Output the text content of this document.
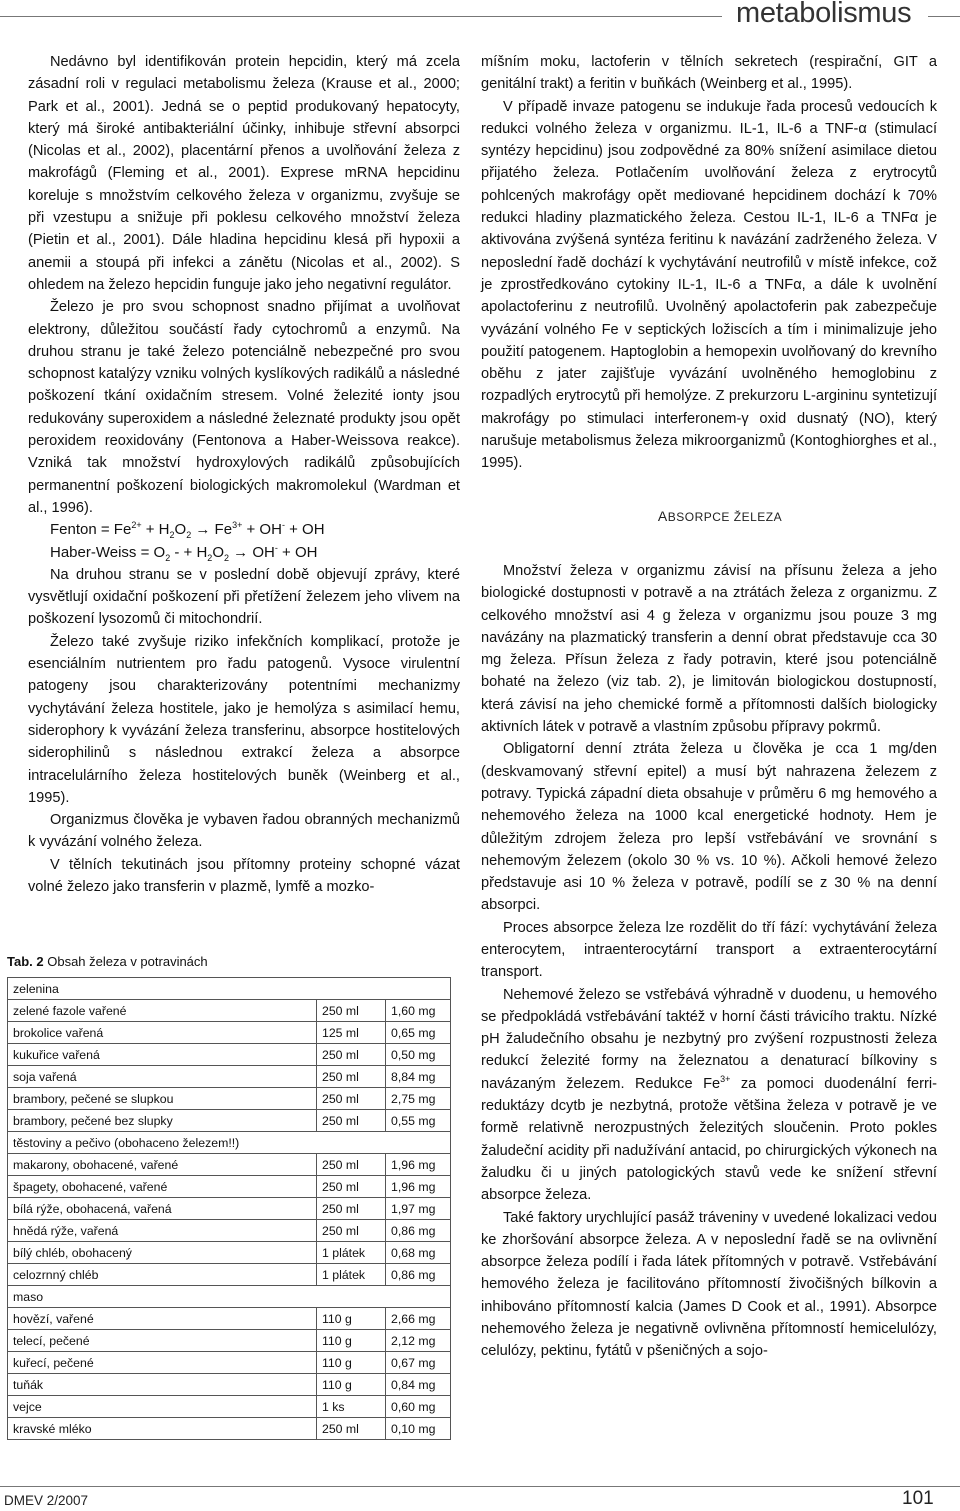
metabolismus

Nedávno byl identifikován protein hepcidin, který má zcela zásadní roli v regulaci metabolismu železa (Krause et al., 2000; Park et al., 2001). Jedná se o peptid produkovaný hepatocyty, který má široké antibakteriální účinky, inhibuje střevní absorpci (Nicolas et al., 2002), placentární přenos a uvolňování železa z makrofágů (Fleming et al., 2001). Exprese mRNA hepcidinu koreluje s množstvím celkového železa v organizmu, zvyšuje se při vzestupu a snižuje při poklesu celkového množství železa (Pietin et al., 2001). Dále hladina hepcidinu klesá při hypoxii a anemii a stoupá při infekci a zánětu (Nicolas et al., 2002). S ohledem na železo hepcidin funguje jako jeho negativní regulátor.

Železo je pro svou schopnost snadno přijímat a uvolňovat elektrony, důležitou součástí řady cytochromů a enzymů. Na druhou stranu je také železo potenciálně nebezpečné pro svou schopnost katalýzy vzniku volných kyslíkových radikálů a následné poškození tkání oxidačním stresem. Volné železité ionty jsou redukovány superoxidem a následné železnaté produkty jsou opět peroxidem reoxidovány (Fentonova a Haber-Weissova reakce). Vzniká tak množství hydroxylových radikálů způsobujících permanentní poškození biologických makromolekul (Wardman et al., 1996).

Fenton = $Fe^{2+} + H_2O_2 \to Fe^{3+} + OH^-$ + OH

Haber-Weiss = $O_2$ - + $H_2O_2 \to OH^-$ + OH

Na druhou stranu se v poslední době objevují zprávy, které vysvětlují oxidační poškození při přetížení železem jeho vlivem na poškození lysozomů či mitochondrií.

Železo také zvyšuje riziko infekčních komplikací, protože je esenciálním nutrientem pro řadu patogenů. Vysoce virulentní patogeny jsou charakterizovány potentními mechanizmy vychytávání železa hostitele, jako je hemolýza s asimilací hemu, siderophory k vyvázání železa transferinu, absorpce hostitelových siderophilinů s následnou extrakcí železa a absorpce intracelulárního železa hostitelových buněk (Weinberg et al., 1995).

Organizmus člověka je vybaven řadou obranných mechanizmů k vyvázání volného železa.

V tělních tekutinách jsou přítomny proteiny schopné vázat volné železo jako transferin v plazmě, lymfě a mozko-

Tab. 2 Obsah železa v potravinách
zelenina		
zelené fazole vařené	250 ml	1,60 mg
brokolice vařená	125 ml	0,65 mg
kukuřice vařená	250 ml	0,50 mg
soja vařená	250 ml	8,84 mg
brambory, pečené se slupkou	250 ml	2,75 mg
brambory, pečené bez slupky	250 ml	0,55 mg
těstoviny a pečivo (obohaceno železem!!)		
makarony, obohacené, vařené	250 ml	1,96 mg
špagety, obohacené, vařené	250 ml	1,96 mg
bílá rýže, obohacená, vařená	250 ml	1,97 mg
hnědá rýže, vařená	250 ml	0,86 mg
bílý chléb, obohacený	1 plátek	0,68 mg
celozrnný chléb	1 plátek	0,86 mg
maso		
hovězí, vařené	110 g	2,66 mg
telecí, pečené	110 g	2,12 mg
kuřecí, pečené	110 g	0,67 mg
tuňák	110 g	0,84 mg
vejce	1 ks	0,60 mg
kravské mléko	250 ml	0,10 mg

míšním moku, lactoferin v tělních sekretech (respirační, GIT a genitální trakt) a feritin v buňkách (Weinberg et al., 1995).

V případě invaze patogenu se indukuje řada procesů vedoucích k redukci volného železa v organizmu. IL-1, IL-6 a TNF-α (stimulací syntézy hepcidinu) jsou zodpovědné za 80% snížení asimilace dietou přijatého železa. Potlačením uvolňování železa z erytrocytů pohlcených makrofágy opět mediované hepcidinem dochází k 70% redukci hladiny plazmatického železa. Cestou IL-1, IL-6 a TNFα je aktivována zvýšená syntéza feritinu k navázání zadrženého železa. V neposlední řadě dochází k vychytávání neutrofilů v místě infekce, což je zprostředkováno cytokiny IL-1, IL-6 a TNFα, a dále k uvolnění apolactoferinu z neutrofilů. Uvolněný apolactoferin pak zabezpečuje vyvázání volného Fe v septických ložiscích a tím i minimalizuje jeho použití patogenem. Haptoglobin a hemopexin uvolňovaný do krevního oběhu z jater zajišťuje vyvázání uvolněného hemoglobinu z rozpadlých erytrocytů při hemolýze. Z prekurzoru L-argininu syntetizují makrofágy po stimulaci interferonem-γ oxid dusnatý (NO), který narušuje metabolismus železa mikroorganizmů (Kontoghiorghes et al., 1995).

ABSORPCE ŽELEZA

Množství železa v organizmu závisí na přísunu železa a jeho biologické dostupnosti v potravě a na ztrátách železa z organizmu. Z celkového množství asi 4 g železa v organizmu jsou pouze 3 mg navázány na plazmatický transferin a denní obrat představuje cca 30 mg železa. Přísun železa z řady potravin, které jsou potenciálně bohaté na železo (viz tab. 2), je limitován biologickou dostupností, která závisí na jeho chemické formě a přítomnosti dalších biologicky aktivních látek v potravě a vlastním způsobu přípravy pokrmů.

Obligatorní denní ztráta železa u člověka je cca 1 mg/den (deskvamovaný střevní epitel) a musí být nahrazena železem z potravy. Typická západní dieta obsahuje v průměru 6 mg hemového a nehemového železa na 1000 kcal energetické hodnoty. Hem je důležitým zdrojem železa pro lepší vstřebávání ve srovnání s nehemovým železem (okolo 30 % vs. 10 %). Ačkoli hemové železo představuje asi 10 % železa v potravě, podílí se z 30 % na denní absorpci.

Proces absorpce železa lze rozdělit do tří fází: vychytávání železa enterocytem, intraenterocytární transport a extraenterocytární transport.

Nehemové železo se vstřebává výhradně v duodenu, u hemového se předpokládá vstřebávání taktéž v horní části trávicího traktu. Nízké pH žaludečního obsahu je nezbytný pro zvýšení rozpustnosti železa redukcí železité formy na železnatou a denaturací bílkoviny s navázaným železem. Redukce $Fe^{3+}$ za pomoci duodenální ferri-reduktázy dcytb je nezbytná, protože většina železa v potravě je ve formě relativně nerozpustných železitých sloučenin. Proto pokles žaludeční acidity při nadužívání antacid, po chirurgických výkonech na žaludku či u jiných patologických stavů vede ke snížení střevní absorpce železa.

Také faktory urychlující pasáž tráveniny v uvedené lokalizaci vedou ke zhoršování absorpce železa. A v neposlední řadě se na ovlivnění absorpce železa podílí i řada látek přítomných v potravě. Vstřebávání hemového železa je facilitováno přítomností živočišných bílkovin a inhibováno přítomností kalcia (James D Cook et al., 1991). Absorpce nehemového železa je negativně ovlivněna přítomností hemicelulózy, celulózy, pektinu, fytátů v pšeničných a sojo-

DMEV 2/2007	101
